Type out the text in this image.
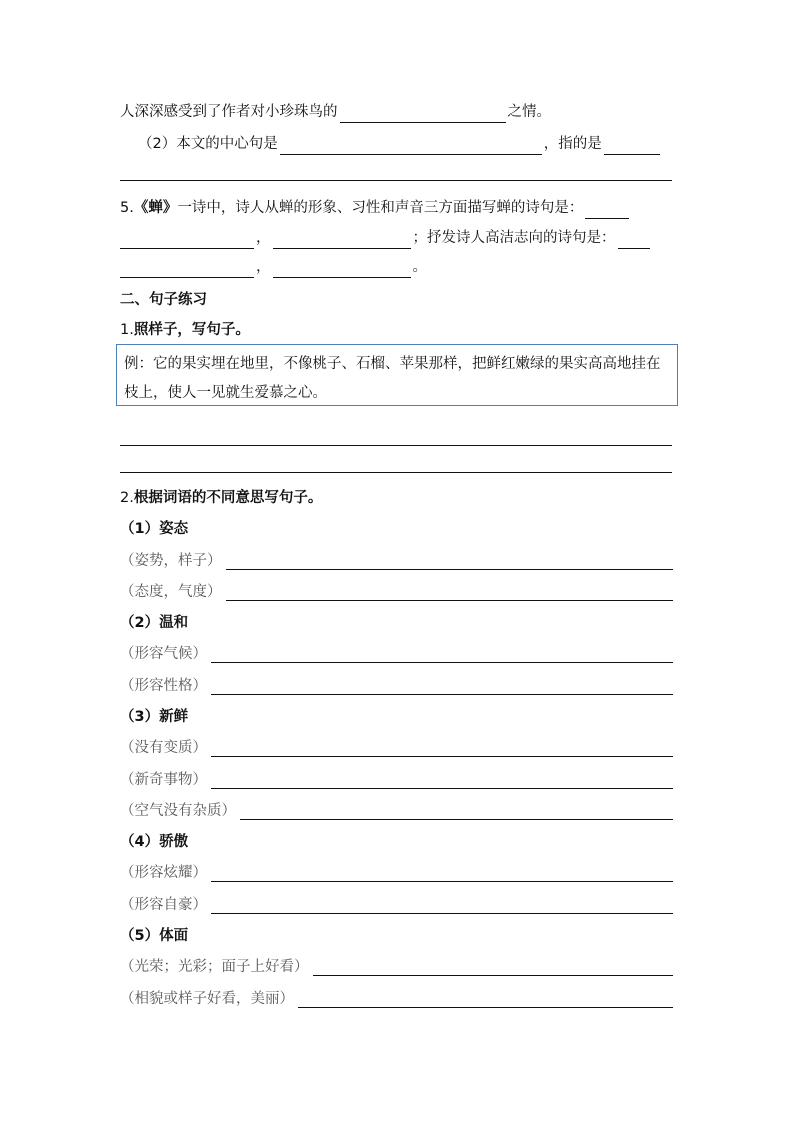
人深深感受到了作者对小珍珠鸟的	之情。
（2）本文的中心句是	，指的是
5.《蝉》一诗中，诗人从蝉的形象、习性和声音三方面描写蝉的诗句是：
，	；抒发诗人高洁志向的诗句是：
，	。
二、句子练习
1.照样子，写句子。
例：它的果实埋在地里，不像桃子、石榴、苹果那样，把鲜红嫩绿的果实高高地挂在枝上，使人一见就生爱慕之心。
2.根据词语的不同意思写句子。
（1）姿态
（姿势，样子）
（态度，气度）
（2）温和
（形容气候）
（形容性格）
（3）新鲜
（没有变质）
（新奇事物）
（空气没有杂质）
（4）骄傲
（形容炫耀）
（形容自豪）
（5）体面
（光荣；光彩；面子上好看）
（相貌或样子好看，美丽）
